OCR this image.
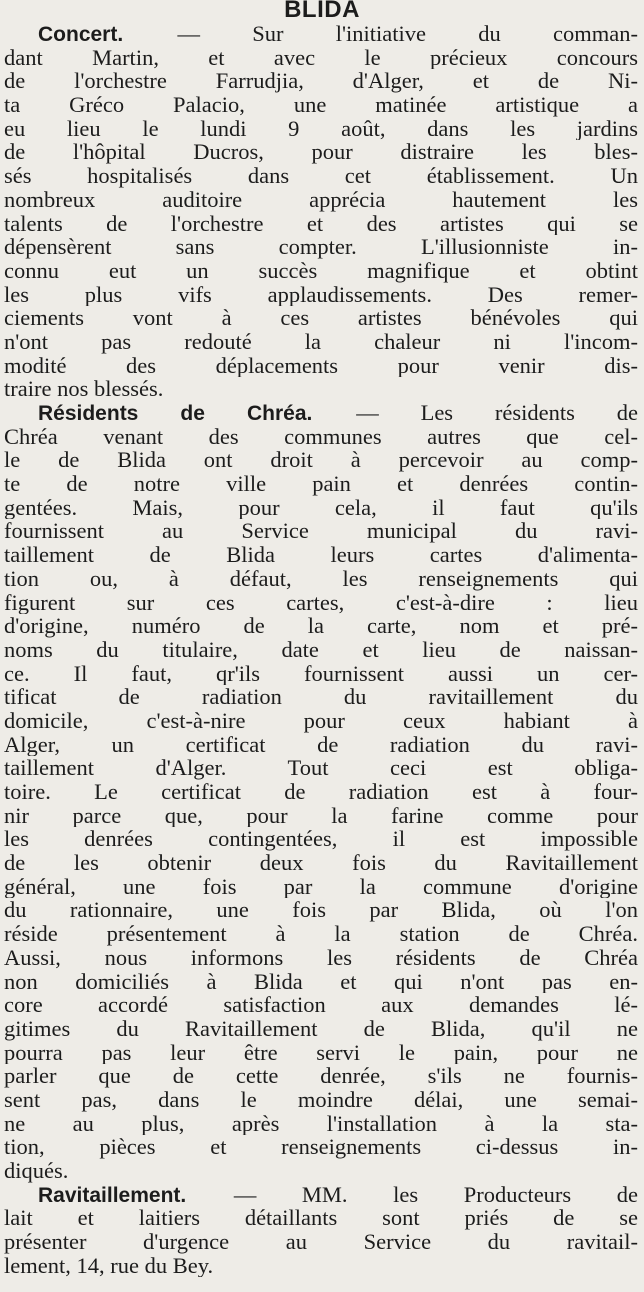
BLIDA
Concert. — Sur l'initiative du comman-
dant Martin, et avec le précieux concours
de l'orchestre Farrudjia, d'Alger, et de Ni-
ta Gréco Palacio, une matinée artistique a
eu lieu le lundi 9 août, dans les jardins
de l'hôpital Ducros, pour distraire les bles-
sés hospitalisés dans cet établissement. Un
nombreux auditoire apprécia hautement les
talents de l'orchestre et des artistes qui se
dépensèrent sans compter. L'illusionniste in-
connu eut un succès magnifique et obtint
les plus vifs applaudissements. Des remer-
ciements vont à ces artistes bénévoles qui
n'ont pas redouté la chaleur ni l'incom-
modité des déplacements pour venir dis-
traire nos blessés.
Résidents de Chréa. — Les résidents de
Chréa venant des communes autres que cel-
le de Blida ont droit à percevoir au comp-
te de notre ville pain et denrées contin-
gentées. Mais, pour cela, il faut qu'ils
fournissent au Service municipal du ravi-
taillement de Blida leurs cartes d'alimenta-
tion ou, à défaut, les renseignements qui
figurent sur ces cartes, c'est-à-dire : lieu
d'origine, numéro de la carte, nom et pré-
noms du titulaire, date et lieu de naissan-
ce. Il faut, qr'ils fournissent aussi un cer-
tificat de radiation du ravitaillement du
domicile, c'est-à-nire pour ceux habiant à
Alger, un certificat de radiation du ravi-
taillement d'Alger. Tout ceci est obliga-
toire. Le certificat de radiation est à four-
nir parce que, pour la farine comme pour
les denrées contingentées, il est impossible
de les obtenir deux fois du Ravitaillement
général, une fois par la commune d'origine
du rationnaire, une fois par Blida, où l'on
réside présentement à la station de Chréa.
Aussi, nous informons les résidents de Chréa
non domiciliés à Blida et qui n'ont pas en-
core accordé satisfaction aux demandes lé-
gitimes du Ravitaillement de Blida, qu'il ne
pourra pas leur être servi le pain, pour ne
parler que de cette denrée, s'ils ne fournis-
sent pas, dans le moindre délai, une semai-
ne au plus, après l'installation à la sta-
tion, pièces et renseignements ci-dessus in-
diqués.
Ravitaillement. — MM. les Producteurs de
lait et laitiers détaillants sont priés de se
présenter d'urgence au Service du ravitail-
lement, 14, rue du Bey.
